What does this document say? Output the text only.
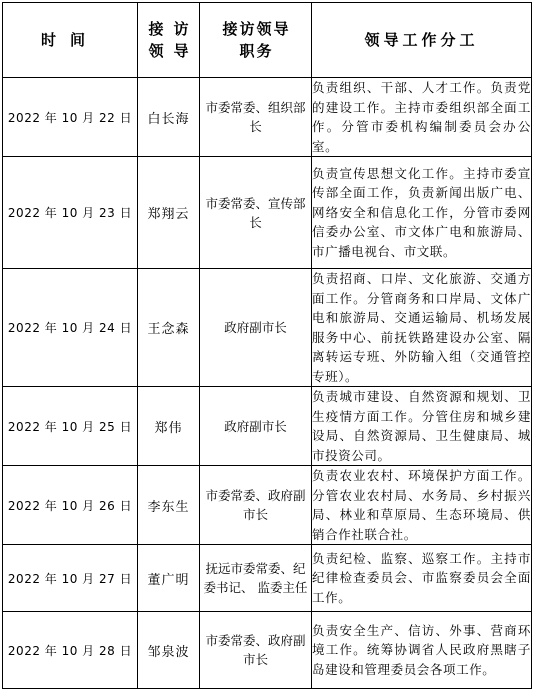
时间	接访领导	接访领导职务	领导工作分工
2022 年 10 月 22 日	白长海	市委常委、组织部长	负责组织、干部、人才工作。负责党的建设工作。主持市委组织部全面工作。分管市委机构编制委员会办公室。
2022 年 10 月 23 日	郑翔云	市委常委、宣传部长	负责宣传思想文化工作。主持市委宣传部全面工作，负责新闻出版广电、网络安全和信息化工作，分管市委网信委办公室、市文体广电和旅游局、市广播电视台、市文联。
2022 年 10 月 24 日	王念森	政府副市长	负责招商、口岸、文化旅游、交通方面工作。分管商务和口岸局、文体广电和旅游局、交通运输局、机场发展服务中心、前抚铁路建设办公室、隔离转运专班、外防输入组（交通管控专班）。
2022 年 10 月 25 日	郑伟	政府副市长	负责城市建设、自然资源和规划、卫生疫情方面工作。分管住房和城乡建设局、自然资源局、卫生健康局、城市投资公司。
2022 年 10 月 26 日	李东生	市委常委、政府副市长	负责农业农村、环境保护方面工作。分管农业农村局、水务局、乡村振兴局、林业和草原局、生态环境局、供销合作社联合社。
2022 年 10 月 27 日	董广明	抚远市委常委、纪委书记、 监委主任	负责纪检、监察、巡察工作。主持市纪律检查委员会、市监察委员会全面工作。
2022 年 10 月 28 日	邹泉波	市委常委、政府副市长	负责安全生产、信访、外事、营商环境工作。统筹协调省人民政府黑瞎子岛建设和管理委员会各项工作。
